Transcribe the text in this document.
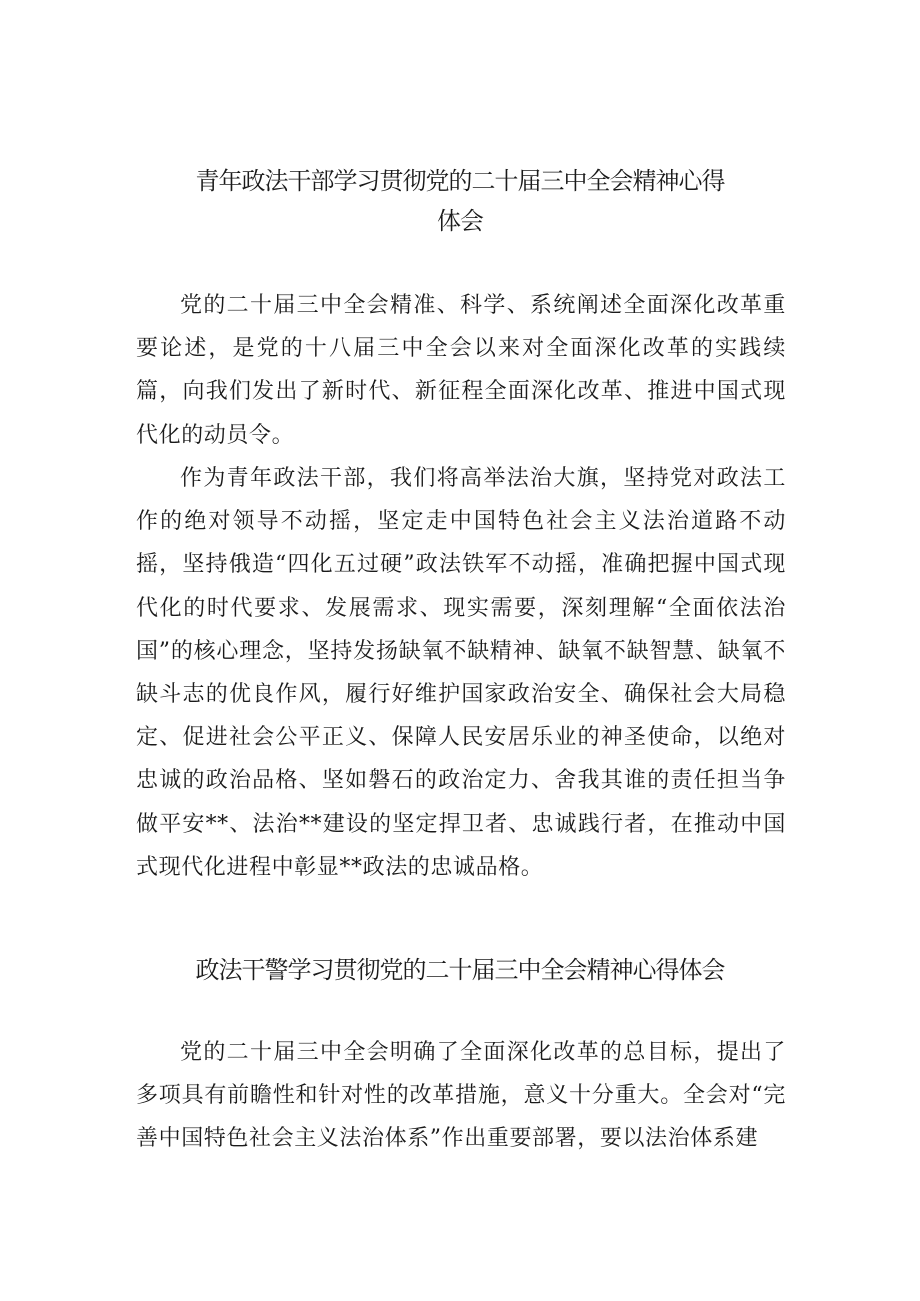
青年政法干部学习贯彻党的二十届三中全会精神心得
体会

党的二十届三中全会精准、科学、系统阐述全面深化改革重要论述，是党的十八届三中全会以来对全面深化改革的实践续篇，向我们发出了新时代、新征程全面深化改革、推进中国式现代化的动员令。

作为青年政法干部，我们将高举法治大旗，坚持党对政法工作的绝对领导不动摇，坚定走中国特色社会主义法治道路不动摇，坚持俄造“四化五过硬”政法铁军不动摇，准确把握中国式现代化的时代要求、发展需求、现实需要，深刻理解“全面依法治国”的核心理念，坚持发扬缺氧不缺精神、缺氧不缺智慧、缺氧不缺斗志的优良作风，履行好维护国家政治安全、确保社会大局稳定、促进社会公平正义、保障人民安居乐业的神圣使命，以绝对忠诚的政治品格、坚如磐石的政治定力、舍我其谁的责任担当争做平安**、法治**建设的坚定捍卫者、忠诚践行者，在推动中国式现代化进程中彰显**政法的忠诚品格。

政法干警学习贯彻党的二十届三中全会精神心得体会

党的二十届三中全会明确了全面深化改革的总目标，提出了多项具有前瞻性和针对性的改革措施，意义十分重大。全会对“完善中国特色社会主义法治体系”作出重要部署，要以法治体系建
